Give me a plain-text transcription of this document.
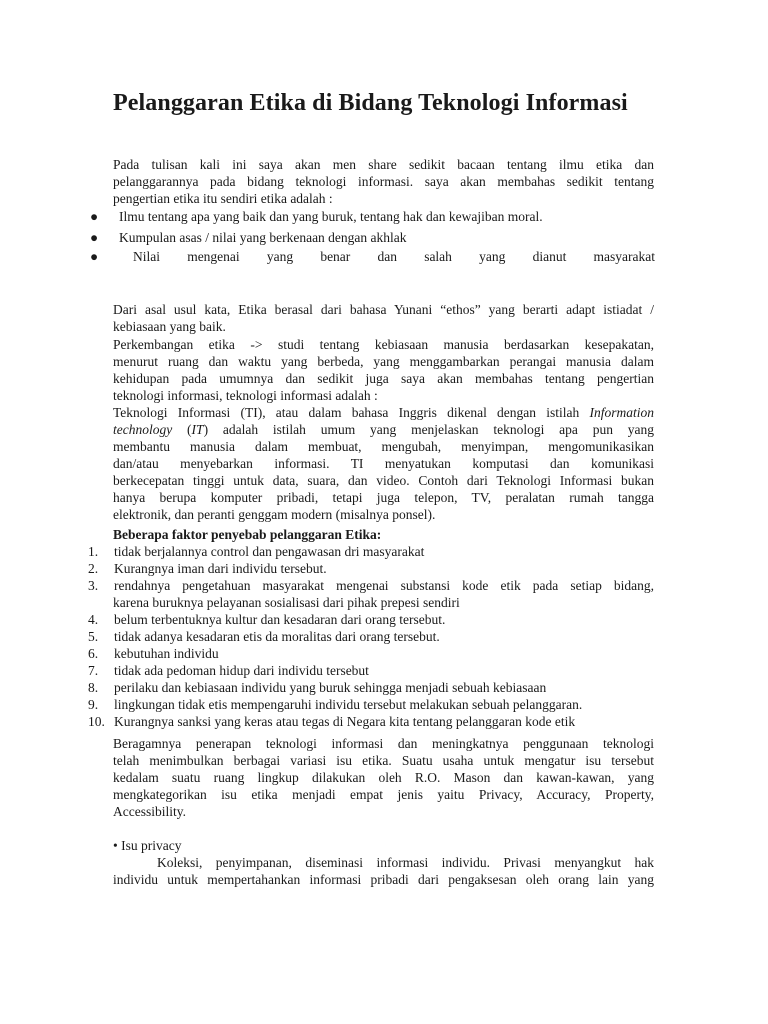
Pelanggaran Etika di Bidang Teknologi Informasi
Pada tulisan kali ini saya akan men share sedikit bacaan tentang ilmu etika dan
pelanggarannya pada bidang teknologi informasi. saya akan membahas sedikit tentang
pengertian etika itu sendiri etika adalah :
● Ilmu tentang apa yang baik dan yang buruk, tentang hak dan kewajiban moral.
● Kumpulan asas / nilai yang berkenaan dengan akhlak
●	Nilai mengenai yang benar dan salah yang dianut masyarakat
Dari asal usul kata, Etika berasal dari bahasa Yunani “ethos” yang berarti adapt istiadat /
kebiasaan yang baik.
Perkembangan etika -> studi tentang kebiasaan manusia berdasarkan kesepakatan,
menurut ruang dan waktu yang berbeda, yang menggambarkan perangai manusia dalam
kehidupan pada umumnya dan sedikit juga saya akan membahas tentang pengertian
teknologi informasi, teknologi informasi adalah :
Teknologi Informasi (TI), atau dalam bahasa Inggris dikenal dengan istilah Information
technology (IT) adalah istilah umum yang menjelaskan teknologi apa pun yang
membantu manusia dalam membuat, mengubah, menyimpan, mengomunikasikan
dan/atau menyebarkan informasi. TI menyatukan komputasi dan komunikasi
berkecepatan tinggi untuk data, suara, dan video. Contoh dari Teknologi Informasi bukan
hanya berupa komputer pribadi, tetapi juga telepon, TV, peralatan rumah tangga
elektronik, dan peranti genggam modern (misalnya ponsel).
Beberapa faktor penyebab pelanggaran Etika:
1. tidak berjalannya control dan pengawasan dri masyarakat
2. Kurangnya iman dari individu tersebut.
3. rendahnya pengetahuan masyarakat mengenai substansi kode etik pada setiap bidang,
karena buruknya pelayanan sosialisasi dari pihak prepesi sendiri
4. belum terbentuknya kultur dan kesadaran dari orang tersebut.
5. tidak adanya kesadaran etis da moralitas dari orang tersebut.
6. kebutuhan individu
7. tidak ada pedoman hidup dari individu tersebut
8. perilaku dan kebiasaan individu yang buruk sehingga menjadi sebuah kebiasaan
9. lingkungan tidak etis mempengaruhi individu tersebut melakukan sebuah pelanggaran.
10. Kurangnya sanksi yang keras atau tegas di Negara kita tentang pelanggaran kode etik
Beragamnya penerapan teknologi informasi dan meningkatnya penggunaan teknologi
telah menimbulkan berbagai variasi isu etika. Suatu usaha untuk mengatur isu tersebut
kedalam suatu ruang lingkup dilakukan oleh R.O. Mason dan kawan-kawan, yang
mengkategorikan isu etika menjadi empat jenis yaitu Privacy, Accuracy, Property,
Accessibility.
• Isu privacy
Koleksi, penyimpanan, diseminasi informasi individu. Privasi menyangkut hak
individu untuk mempertahankan informasi pribadi dari pengaksesan oleh orang lain yang
